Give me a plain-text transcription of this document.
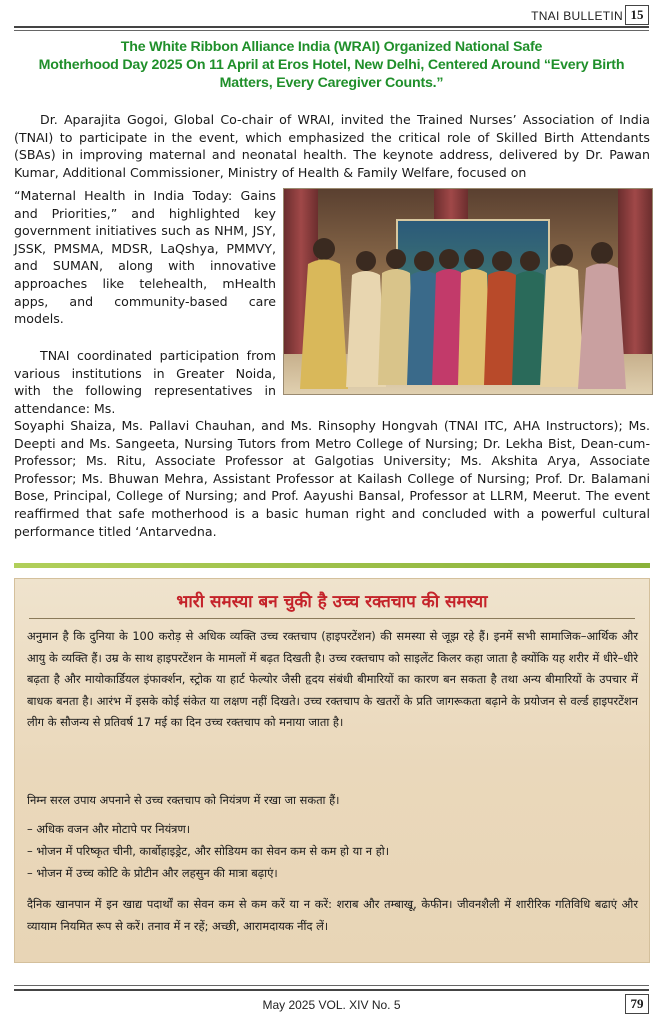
TNAI BULLETIN 15
The White Ribbon Alliance India (WRAI) Organized National Safe
Motherhood Day 2025 On 11 April at Eros Hotel, New Delhi, Centered Around “Every Birth
Matters, Every Caregiver Counts.”

Dr. Aparajita Gogoi, Global Co-chair of WRAI, invited the Trained Nurses’ Association of India (TNAI) to participate in the event, which emphasized the critical role of Skilled Birth Attendants (SBAs) in improving maternal and neonatal health. The keynote address, delivered by Dr. Pawan Kumar, Additional Commissioner, Ministry of Health & Family Welfare, focused on

“Maternal Health in India Today: Gains and Priorities,” and highlighted key government initiatives such as NHM, JSY, JSSK, PMSMA, MDSR, LaQshya, PMMVY, and SUMAN, along with innovative approaches like telehealth, mHealth apps, and community-based care models.

TNAI coordinated participation from various institutions in Greater Noida, with the following representatives in attendance: Ms.

Soyaphi Shaiza, Ms. Pallavi Chauhan, and Ms. Rinsophy Hongvah (TNAI ITC, AHA Instructors); Ms. Deepti and Ms. Sangeeta, Nursing Tutors from Metro College of Nursing; Dr. Lekha Bist, Dean-cum-Professor; Ms. Ritu, Associate Professor at Galgotias University; Ms. Akshita Arya, Associate Professor; Ms. Bhuwan Mehra, Assistant Professor at Kailash College of Nursing; Prof. Dr. Balamani Bose, Principal, College of Nursing; and Prof. Aayushi Bansal, Professor at LLRM, Meerut. The event reaffirmed that safe motherhood is a basic human right and concluded with a powerful cultural performance titled ‘Antarvedna.

भारी समस्या बन चुकी है उच्च रक्तचाप की समस्या

अनुमान है कि दुनिया के 100 करोड़ से अधिक व्यक्ति उच्च रक्तचाप (हाइपरटेंशन) की समस्या से जूझ रहे हैं। इनमें सभी सामाजिक–आर्थिक और आयु के व्यक्ति हैं। उम्र के साथ हाइपरटेंशन के मामलों में बढ़त दिखती है। उच्च रक्तचाप को साइलेंट किलर कहा जाता है क्योंकि यह शरीर में धीरे–धीरे बढ़ता है और मायोकार्डियल इंफार्क्शन, स्ट्रोक या हार्ट फेल्योर जैसी हृदय संबंधी बीमारियों का कारण बन सकता है तथा अन्य बीमारियों के उपचार में बाधक बनता है। आरंभ में इसके कोई संकेत या लक्षण नहीं दिखते। उच्च रक्तचाप के खतरों के प्रति जागरूकता बढ़ाने के प्रयोजन से वर्ल्ड हाइपरटेंशन लीग के सौजन्य से प्रतिवर्ष 17 मई का दिन उच्च रक्तचाप को मनाया जाता है।

निम्न सरल उपाय अपनाने से उच्च रक्तचाप को नियंत्रण में रखा जा सकता हैं।

– अधिक वजन और मोटापे पर नियंत्रण।
– भोजन में परिष्कृत चीनी, कार्बोहाइड्रेट, और सोडियम का सेवन कम से कम हो या न हो।
– भोजन में उच्च कोटि के प्रोटीन और लहसुन की मात्रा बढ़ाएं।

दैनिक खानपान में इन खाद्य पदार्थों का सेवन कम से कम करें या न करें: शराब और तम्बाखू, केफीन। जीवनशैली में शारीरिक गतिविधि बढाएं और व्यायाम नियमित रूप से करें। तनाव में न रहें; अच्छी, आरामदायक नींद लें।

May 2025 VOL. XIV No. 5	79
